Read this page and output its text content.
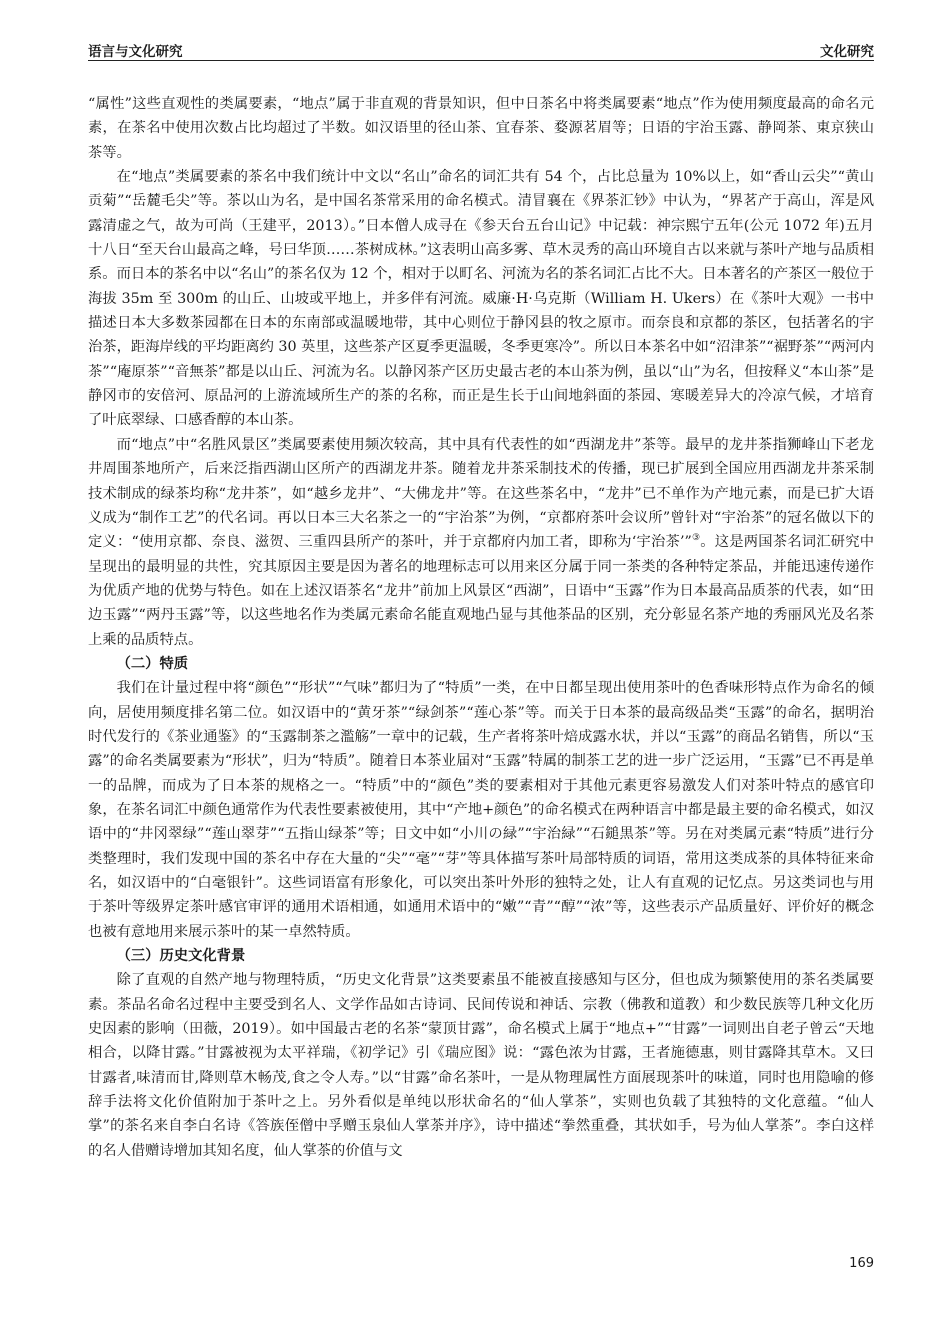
语言与文化研究	文化研究

“属性”这些直观性的类属要素，“地点”属于非直观的背景知识，但中日茶名中将类属要素“地点”作为使用频度最高的命名元素，在茶名中使用次数占比均超过了半数。如汉语里的径山茶、宜春茶、婺源茗眉等；日语的宇治玉露、静岡茶、東京狭山茶等。

在“地点”类属要素的茶名中我们统计中文以“名山”命名的词汇共有 54 个，占比总量为 10%以上，如“香山云尖”“黄山贡菊”“岳麓毛尖”等。茶以山为名，是中国名茶常采用的命名模式。清冒襄在《界茶汇钞》中认为，“界茗产于高山，浑是风露清虚之气，故为可尚（王建平，2013）。”日本僧人成寻在《参天台五台山记》中记载：神宗熙宁五年(公元 1072 年)五月十八日“至天台山最高之峰，号曰华顶……茶树成林。”这表明山高多雾、草木灵秀的高山环境自古以来就与茶叶产地与品质相系。而日本的茶名中以“名山”的茶名仅为 12 个，相对于以町名、河流为名的茶名词汇占比不大。日本著名的产茶区一般位于海拔 35m 至 300m 的山丘、山坡或平地上，并多伴有河流。威廉·H·乌克斯（William H. Ukers）在《茶叶大观》一书中描述日本大多数茶园都在日本的东南部或温暖地带，其中心则位于静冈县的牧之原市。而奈良和京都的茶区，包括著名的宇治茶，距海岸线的平均距离约 30 英里，这些茶产区夏季更温暖，冬季更寒冷”。所以日本茶名中如“沼津茶”“裾野茶”“两河内茶”“庵原茶”“音無茶”都是以山丘、河流为名。以静冈茶产区历史最古老的本山茶为例，虽以“山”为名，但按释义“本山茶”是静冈市的安倍河、原品河的上游流域所生产的茶的名称，而正是生长于山间地斜面的茶园、寒暖差异大的冷凉气候，才培育了叶底翠绿、口感香醇的本山茶。

而“地点”中“名胜风景区”类属要素使用频次较高，其中具有代表性的如“西湖龙井”茶等。最早的龙井茶指狮峰山下老龙井周围茶地所产，后来泛指西湖山区所产的西湖龙井茶。随着龙井茶采制技术的传播，现已扩展到全国应用西湖龙井茶采制技术制成的绿茶均称“龙井茶”，如“越乡龙井”、“大佛龙井”等。在这些茶名中，“龙井”已不单作为产地元素，而是已扩大语义成为“制作工艺”的代名词。再以日本三大名茶之一的“宇治茶”为例，“京都府茶叶会议所”曾针对“宇治茶”的冠名做以下的定义：“使用京都、奈良、滋贺、三重四县所产的茶叶，并于京都府内加工者，即称为‘宇治茶’”③。这是两国茶名词汇研究中呈现出的最明显的共性，究其原因主要是因为著名的地理标志可以用来区分属于同一茶类的各种特定茶品，并能迅速传递作为优质产地的优势与特色。如在上述汉语茶名“龙井”前加上风景区“西湖”，日语中“玉露”作为日本最高品质茶的代表，如“田边玉露”“两丹玉露”等，以这些地名作为类属元素命名能直观地凸显与其他茶品的区别，充分彰显名茶产地的秀丽风光及名茶上乘的品质特点。

（二）特质

我们在计量过程中将“颜色”“形状”“气味”都归为了“特质”一类，在中日都呈现出使用茶叶的色香味形特点作为命名的倾向，居使用频度排名第二位。如汉语中的“黄牙茶”“绿剑茶”“莲心茶”等。而关于日本茶的最高级品类“玉露”的命名，据明治时代发行的《茶业通鉴》的“玉露制茶之濫觞”一章中的记载，生产者将茶叶焙成露水状，并以“玉露”的商品名销售，所以“玉露”的命名类属要素为“形状”，归为“特质”。随着日本茶业届对“玉露”特属的制茶工艺的进一步广泛运用，“玉露”已不再是单一的品牌，而成为了日本茶的规格之一。“特质”中的“颜色”类的要素相对于其他元素更容易激发人们对茶叶特点的感官印象，在茶名词汇中颜色通常作为代表性要素被使用，其中“产地+颜色”的命名模式在两种语言中都是最主要的命名模式，如汉语中的“井冈翠绿”“莲山翠芽”“五指山绿茶”等；日文中如“小川の緑”“宇治緑”“石鎚黒茶”等。另在对类属元素“特质”进行分类整理时，我们发现中国的茶名中存在大量的“尖”“毫”“芽”等具体描写茶叶局部特质的词语，常用这类成茶的具体特征来命名，如汉语中的“白毫银针”。这些词语富有形象化，可以突出茶叶外形的独特之处，让人有直观的记忆点。另这类词也与用于茶叶等级界定茶叶感官审评的通用术语相通，如通用术语中的“嫩”“青”“醇”“浓”等，这些表示产品质量好、评价好的概念也被有意地用来展示茶叶的某一卓然特质。

（三）历史文化背景

除了直观的自然产地与物理特质，“历史文化背景”这类要素虽不能被直接感知与区分，但也成为频繁使用的茶名类属要素。茶品名命名过程中主要受到名人、文学作品如古诗词、民间传说和神话、宗教（佛教和道教）和少数民族等几种文化历史因素的影响（田薇，2019）。如中国最古老的名茶“蒙顶甘露”，命名模式上属于“地点+”“甘露”一词则出自老子曾云“天地相合，以降甘露。”甘露被视为太平祥瑞，《初学记》引《瑞应图》说：“露色浓为甘露，王者施德惠，则甘露降其草木。又曰甘露者,味清而甘,降则草木畅茂,食之令人寿。”以“甘露”命名茶叶，一是从物理属性方面展现茶叶的味道，同时也用隐喻的修辞手法将文化价值附加于茶叶之上。另外看似是单纯以形状命名的“仙人掌茶”，实则也负载了其独特的文化意蕴。“仙人掌”的茶名来自李白名诗《答族侄僧中孚赠玉泉仙人掌茶并序》，诗中描述“拳然重叠，其状如手，号为仙人掌茶”。李白这样的名人借赠诗增加其知名度，仙人掌茶的价值与文

169
